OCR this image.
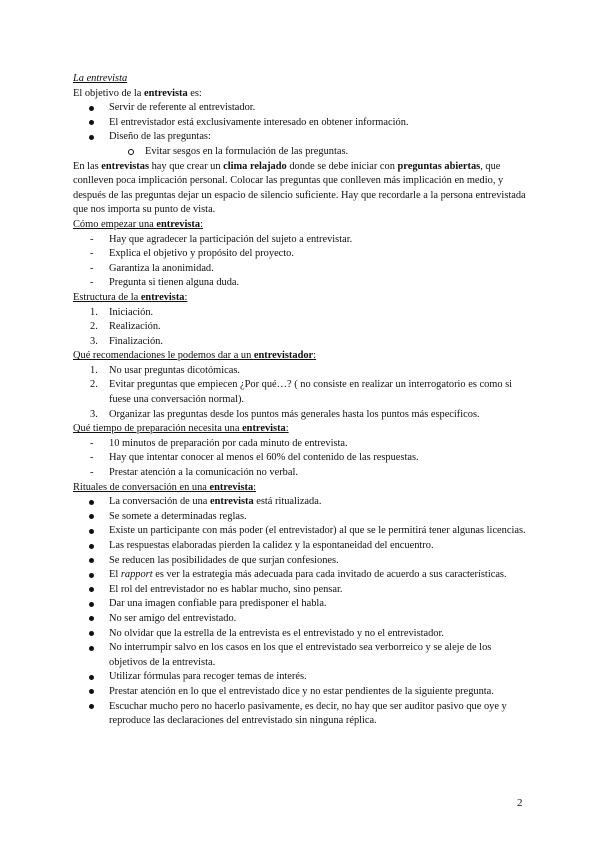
La entrevista

El objetivo de la entrevista es:

Servir de referente al entrevistador.
El entrevistador está exclusivamente interesado en obtener información.
Diseño de las preguntas:
Evitar sesgos en la formulación de las preguntas.

En las entrevistas hay que crear un clima relajado donde se debe iniciar con preguntas abiertas, que conlleven poca implicación personal. Colocar las preguntas que conlleven más implicación en medio, y después de las preguntas dejar un espacio de silencio suficiente. Hay que recordarle a la persona entrevistada que nos importa su punto de vista.

Cómo empezar una entrevista:

- Hay que agradecer la participación del sujeto a entrevistar.
- Explica el objetivo y propósito del proyecto.
- Garantiza la anonimidad.
- Pregunta si tienen alguna duda.

Estructura de la entrevista:

1. Iniciación.
2. Realización.
3. Finalización.

Qué recomendaciones le podemos dar a un entrevistador:

1. No usar preguntas dicotómicas.
2. Evitar preguntas que empiecen ¿Por qué…? ( no consiste en realizar un interrogatorio es como si fuese una conversación normal).
3. Organizar las preguntas desde los puntos más generales hasta los puntos más específicos.

Qué tiempo de preparación necesita una entrevista:

- 10 minutos de preparación por cada minuto de entrevista.
- Hay que intentar conocer al menos el 60% del contenido de las respuestas.
- Prestar atención a la comunicación no verbal.

Rituales de conversación en una entrevista:

La conversación de una entrevista está ritualizada.
Se somete a determinadas reglas.
Existe un participante con más poder (el entrevistador) al que se le permitirá tener algunas licencias.
Las respuestas elaboradas pierden la calidez y la espontaneidad del encuentro.
Se reducen las posibilidades de que surjan confesiones.
El rapport es ver la estrategia más adecuada para cada invitado de acuerdo a sus características.
El rol del entrevistador no es hablar mucho, sino pensar.
Dar una imagen confiable para predisponer el habla.
No ser amigo del entrevistado.
No olvidar que la estrella de la entrevista es el entrevistado y no el entrevistador.
No interrumpir salvo en los casos en los que el entrevistado sea verborreico y se aleje de los objetivos de la entrevista.
Utilizar fórmulas para recoger temas de interés.
Prestar atención en lo que el entrevistado dice y no estar pendientes de la siguiente pregunta.
Escuchar mucho pero no hacerlo pasivamente, es decir, no hay que ser auditor pasivo que oye y reproduce las declaraciones del entrevistado sin ninguna réplica.
2
